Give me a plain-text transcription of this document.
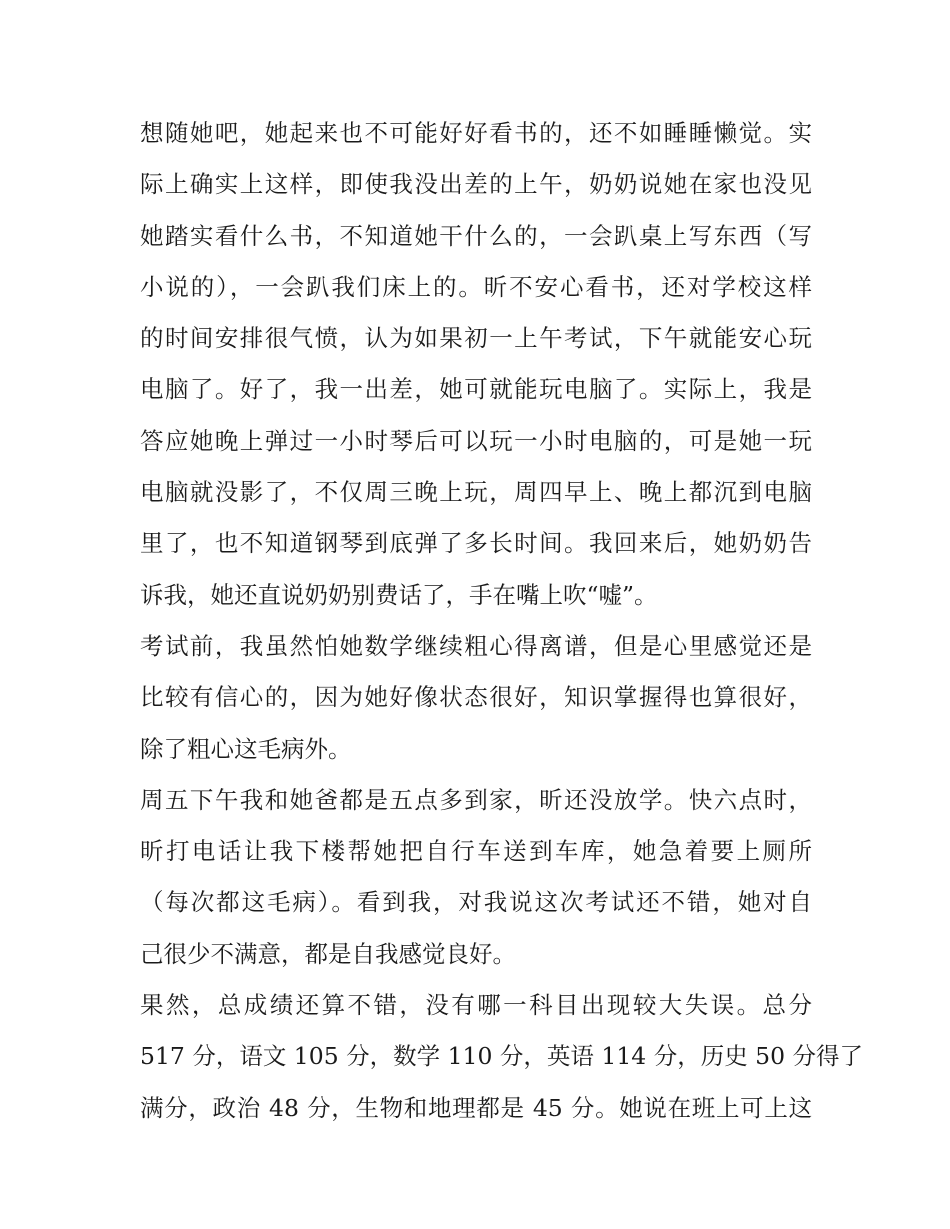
想随她吧，她起来也不可能好好看书的，还不如睡睡懒觉。实
际上确实上这样，即使我没出差的上午，奶奶说她在家也没见
她踏实看什么书，不知道她干什么的，一会趴桌上写东西（写
小说的），一会趴我们床上的。昕不安心看书，还对学校这样
的时间安排很气愤，认为如果初一上午考试，下午就能安心玩
电脑了。好了，我一出差，她可就能玩电脑了。实际上，我是
答应她晚上弹过一小时琴后可以玩一小时电脑的，可是她一玩
电脑就没影了，不仅周三晚上玩，周四早上、晚上都沉到电脑
里了，也不知道钢琴到底弹了多长时间。我回来后，她奶奶告
诉我，她还直说奶奶别费话了，手在嘴上吹“嘘”。
考试前，我虽然怕她数学继续粗心得离谱，但是心里感觉还是
比较有信心的，因为她好像状态很好，知识掌握得也算很好，
除了粗心这毛病外。
周五下午我和她爸都是五点多到家，昕还没放学。快六点时，
昕打电话让我下楼帮她把自行车送到车库，她急着要上厕所
（每次都这毛病）。看到我，对我说这次考试还不错，她对自
己很少不满意，都是自我感觉良好。
果然，总成绩还算不错，没有哪一科目出现较大失误。总分
517 分，语文 105 分，数学 110 分，英语 114 分，历史 50 分得了
满分，政治 48 分，生物和地理都是 45 分。她说在班上可上这
